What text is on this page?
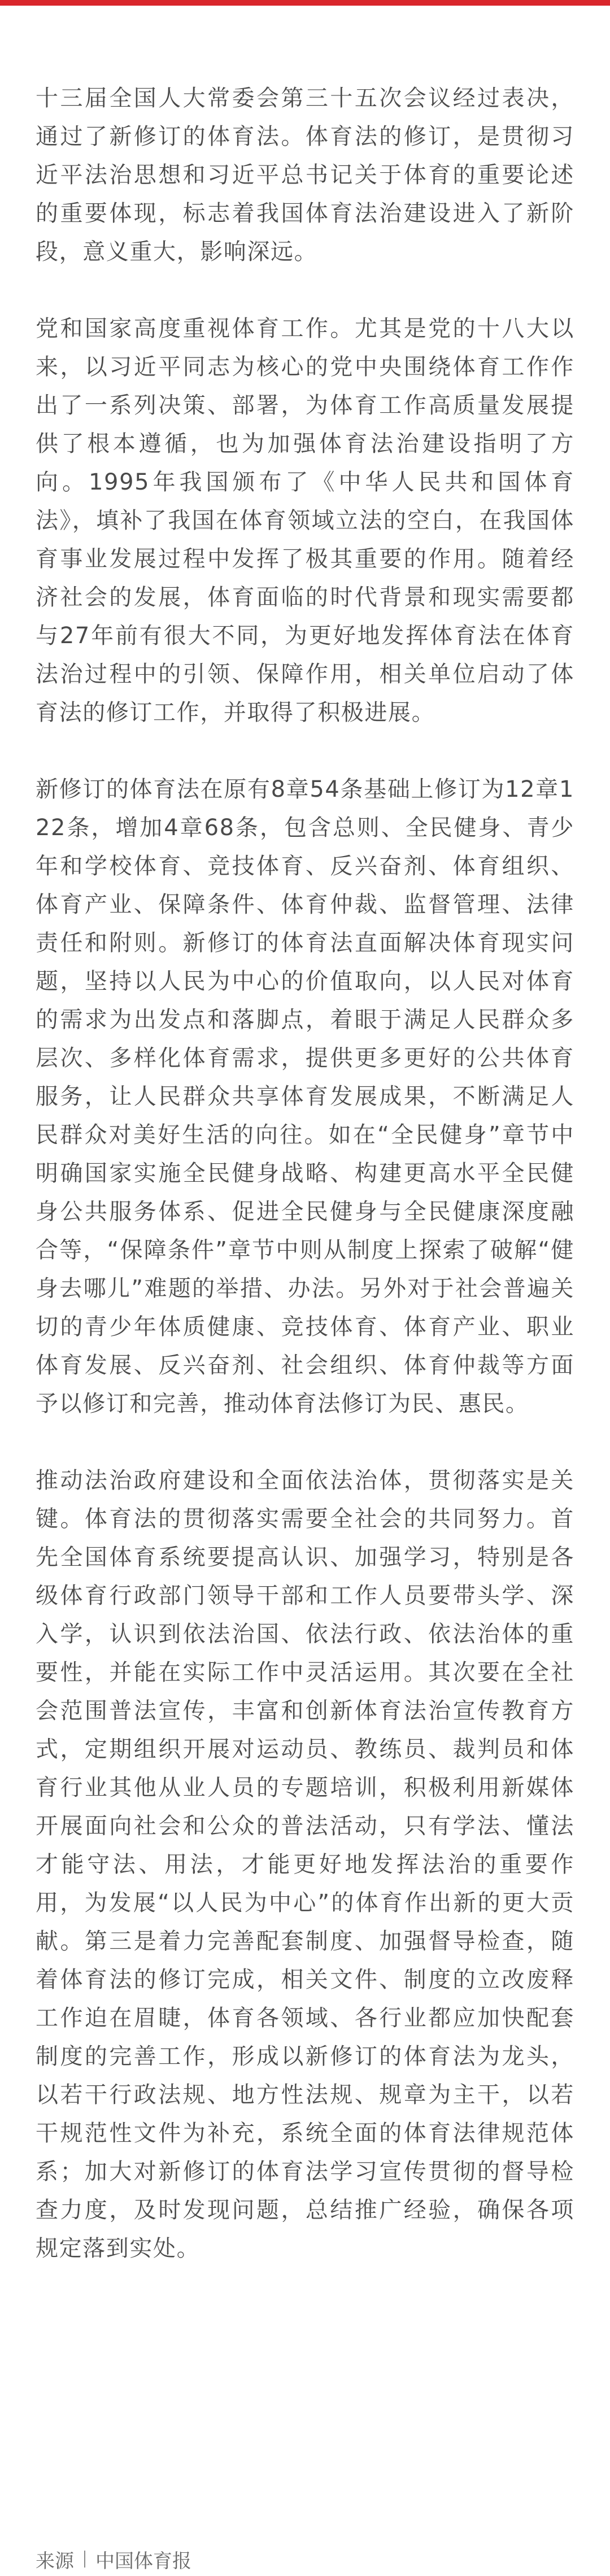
十三届全国人大常委会第三十五次会议经过表决，通过了新修订的体育法。体育法的修订，是贯彻习近平法治思想和习近平总书记关于体育的重要论述的重要体现，标志着我国体育法治建设进入了新阶段，意义重大，影响深远。

党和国家高度重视体育工作。尤其是党的十八大以来，以习近平同志为核心的党中央围绕体育工作作出了一系列决策、部署，为体育工作高质量发展提供了根本遵循，也为加强体育法治建设指明了方向。1995年我国颁布了《中华人民共和国体育法》，填补了我国在体育领域立法的空白，在我国体育事业发展过程中发挥了极其重要的作用。随着经济社会的发展，体育面临的时代背景和现实需要都与27年前有很大不同，为更好地发挥体育法在体育法治过程中的引领、保障作用，相关单位启动了体育法的修订工作，并取得了积极进展。

新修订的体育法在原有8章54条基础上修订为12章122条，增加4章68条，包含总则、全民健身、青少年和学校体育、竞技体育、反兴奋剂、体育组织、体育产业、保障条件、体育仲裁、监督管理、法律责任和附则。新修订的体育法直面解决体育现实问题，坚持以人民为中心的价值取向，以人民对体育的需求为出发点和落脚点，着眼于满足人民群众多层次、多样化体育需求，提供更多更好的公共体育服务，让人民群众共享体育发展成果，不断满足人民群众对美好生活的向往。如在“全民健身”章节中明确国家实施全民健身战略、构建更高水平全民健身公共服务体系、促进全民健身与全民健康深度融合等，“保障条件”章节中则从制度上探索了破解“健身去哪儿”难题的举措、办法。另外对于社会普遍关切的青少年体质健康、竞技体育、体育产业、职业体育发展、反兴奋剂、社会组织、体育仲裁等方面予以修订和完善，推动体育法修订为民、惠民。

推动法治政府建设和全面依法治体，贯彻落实是关键。体育法的贯彻落实需要全社会的共同努力。首先全国体育系统要提高认识、加强学习，特别是各级体育行政部门领导干部和工作人员要带头学、深入学，认识到依法治国、依法行政、依法治体的重要性，并能在实际工作中灵活运用。其次要在全社会范围普法宣传，丰富和创新体育法治宣传教育方式，定期组织开展对运动员、教练员、裁判员和体育行业其他从业人员的专题培训，积极利用新媒体开展面向社会和公众的普法活动，只有学法、懂法才能守法、用法，才能更好地发挥法治的重要作用，为发展“以人民为中心”的体育作出新的更大贡献。第三是着力完善配套制度、加强督导检查，随着体育法的修订完成，相关文件、制度的立改废释工作迫在眉睫，体育各领域、各行业都应加快配套制度的完善工作，形成以新修订的体育法为龙头，以若干行政法规、地方性法规、规章为主干，以若干规范性文件为补充，系统全面的体育法律规范体系；加大对新修订的体育法学习宣传贯彻的督导检查力度，及时发现问题，总结推广经验，确保各项规定落到实处。

来源 中国体育报
